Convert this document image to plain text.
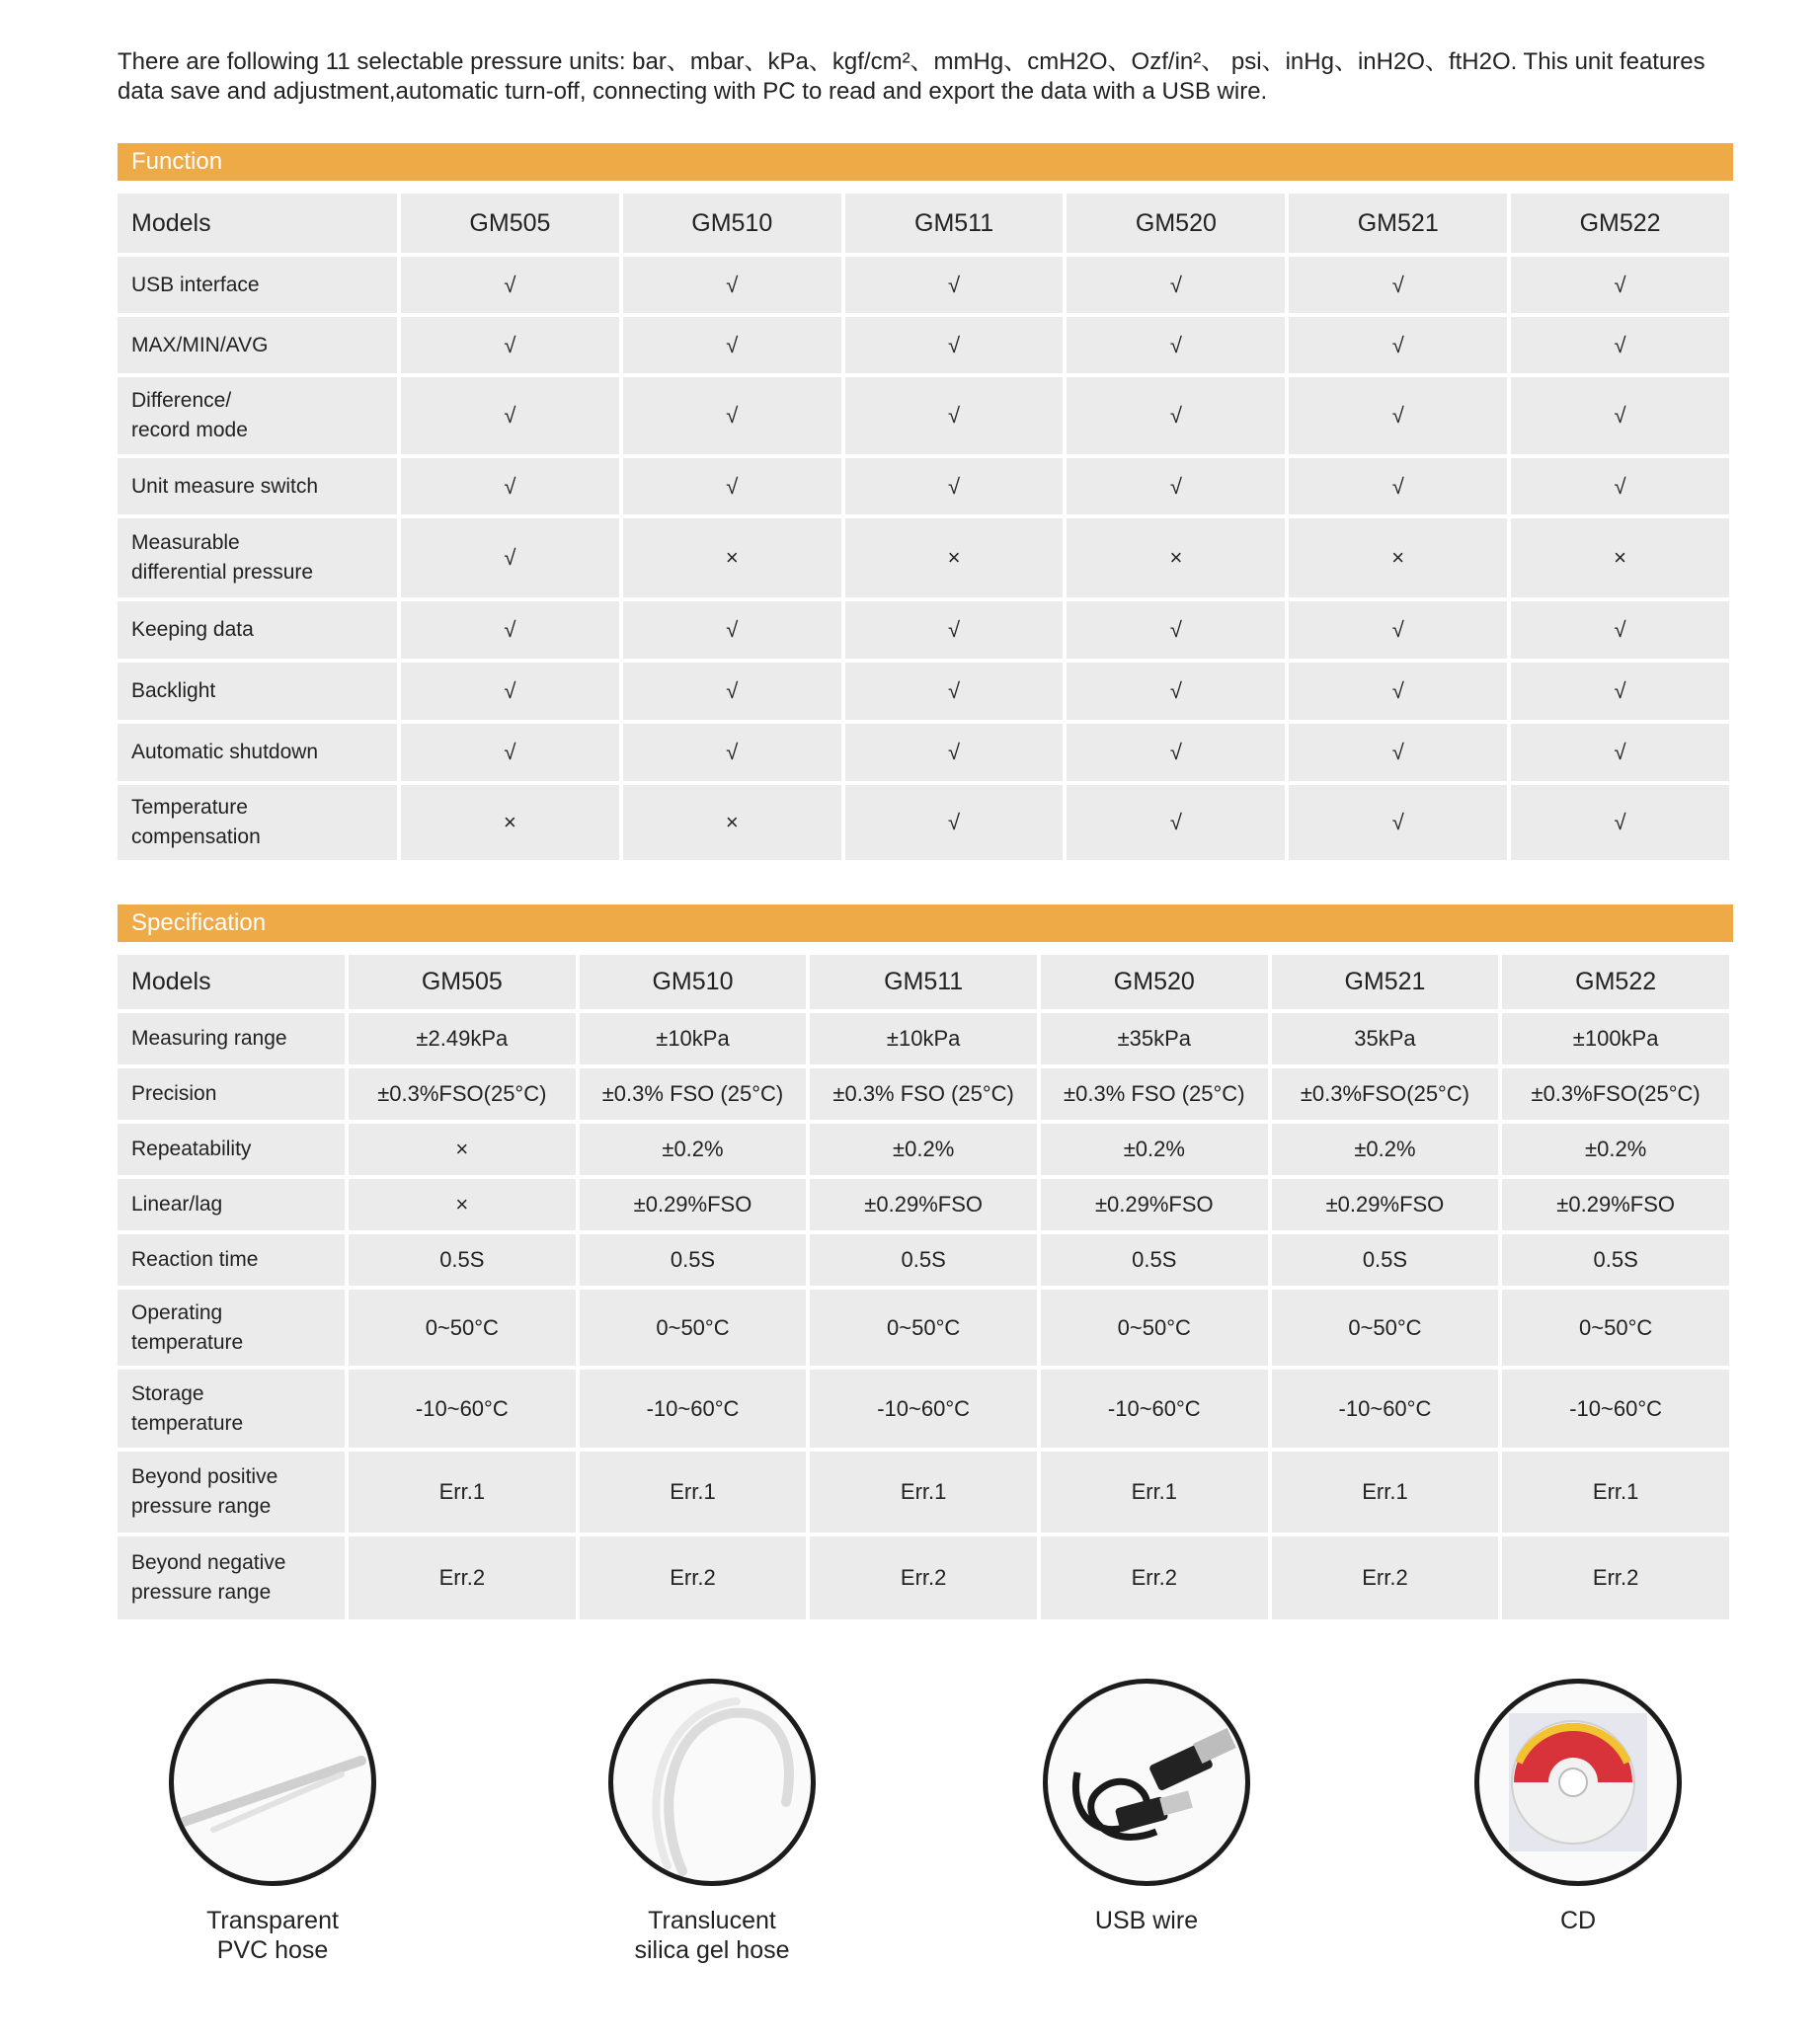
There are following 11 selectable pressure units: bar、mbar、kPa、kgf/cm²、mmHg、cmH2O、Ozf/in²、 psi、inHg、inH2O、ftH2O. This unit features data save and adjustment,automatic turn-off, connecting with PC to read and export the data with a USB wire.

Function
Models	GM505	GM510	GM511	GM520	GM521	GM522
USB interface	√	√	√	√	√	√
MAX/MIN/AVG	√	√	√	√	√	√
Difference/
record mode	√	√	√	√	√	√
Unit measure switch	√	√	√	√	√	√
Measurable
differential pressure	√	×	×	×	×	×
Keeping data	√	√	√	√	√	√
Backlight	√	√	√	√	√	√
Automatic shutdown	√	√	√	√	√	√
Temperature
compensation	×	×	√	√	√	√
Specification
Models	GM505	GM510	GM511	GM520	GM521	GM522
Measuring range	±2.49kPa	±10kPa	±10kPa	±35kPa	35kPa	±100kPa
Precision	±0.3%FSO(25°C)	±0.3% FSO (25°C)	±0.3% FSO (25°C)	±0.3% FSO (25°C)	±0.3%FSO(25°C)	±0.3%FSO(25°C)
Repeatability	×	±0.2%	±0.2%	±0.2%	±0.2%	±0.2%
Linear/lag	×	±0.29%FSO	±0.29%FSO	±0.29%FSO	±0.29%FSO	±0.29%FSO
Reaction time	0.5S	0.5S	0.5S	0.5S	0.5S	0.5S
Operating
temperature	0~50°C	0~50°C	0~50°C	0~50°C	0~50°C	0~50°C
Storage
temperature	-10~60°C	-10~60°C	-10~60°C	-10~60°C	-10~60°C	-10~60°C
Beyond positive
pressure range	Err.1	Err.1	Err.1	Err.1	Err.1	Err.1
Beyond negative
pressure range	Err.2	Err.2	Err.2	Err.2	Err.2	Err.2
Transparent
PVC hose
Translucent
silica gel hose
USB wire	CD
